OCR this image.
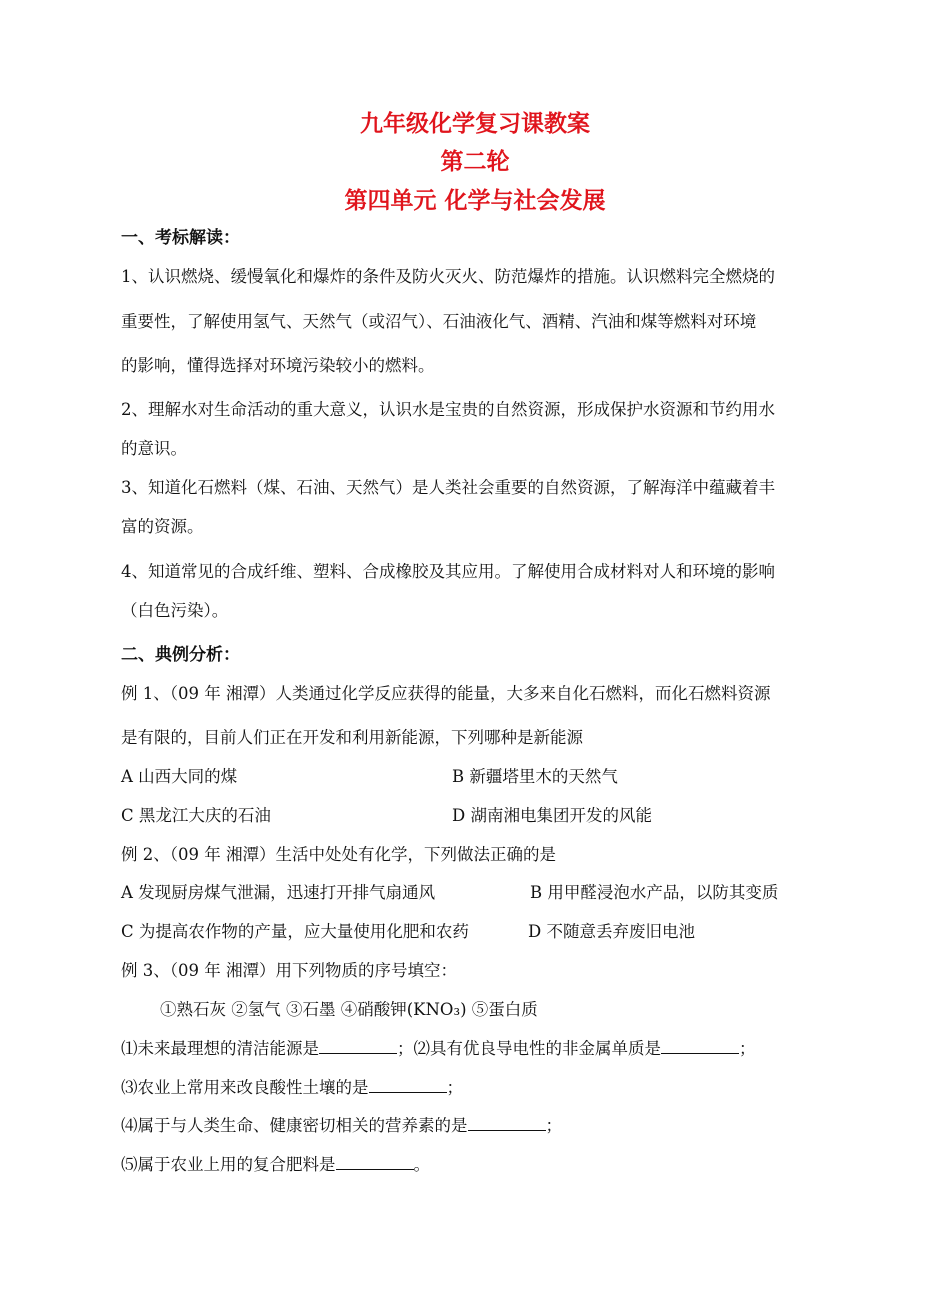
九年级化学复习课教案
第二轮
第四单元 化学与社会发展
一、考标解读：

1、认识燃烧、缓慢氧化和爆炸的条件及防火灭火、防范爆炸的措施。认识燃料完全燃烧的

重要性，了解使用氢气、天然气（或沼气）、石油液化气、酒精、汽油和煤等燃料对环境

的影响，懂得选择对环境污染较小的燃料。

2、理解水对生命活动的重大意义，认识水是宝贵的自然资源，形成保护水资源和节约用水

的意识。

3、知道化石燃料（煤、石油、天然气）是人类社会重要的自然资源，了解海洋中蕴藏着丰

富的资源。

4、知道常见的合成纤维、塑料、合成橡胶及其应用。了解使用合成材料对人和环境的影响

（白色污染）。

二、典例分析：

例 1、（09 年 湘潭）人类通过化学反应获得的能量，大多来自化石燃料，而化石燃料资源

是有限的，目前人们正在开发和利用新能源，下列哪种是新能源

A 山西大同的煤	B 新疆塔里木的天然气

C 黑龙江大庆的石油	D 湖南湘电集团开发的风能

例 2、（09 年 湘潭）生活中处处有化学，下列做法正确的是

A 发现厨房煤气泄漏，迅速打开排气扇通风	B 用甲醛浸泡水产品，以防其变质

C 为提高农作物的产量，应大量使用化肥和农药	D 不随意丢弃废旧电池

例 3、（09 年 湘潭）用下列物质的序号填空：

①熟石灰 ②氢气 ③石墨 ④硝酸钾(KNO₃) ⑤蛋白质

⑴未来最理想的清洁能源是	；⑵具有优良导电性的非金属单质是	；

⑶农业上常用来改良酸性土壤的是	；

⑷属于与人类生命、健康密切相关的营养素的是	；

⑸属于农业上用的复合肥料是	。
